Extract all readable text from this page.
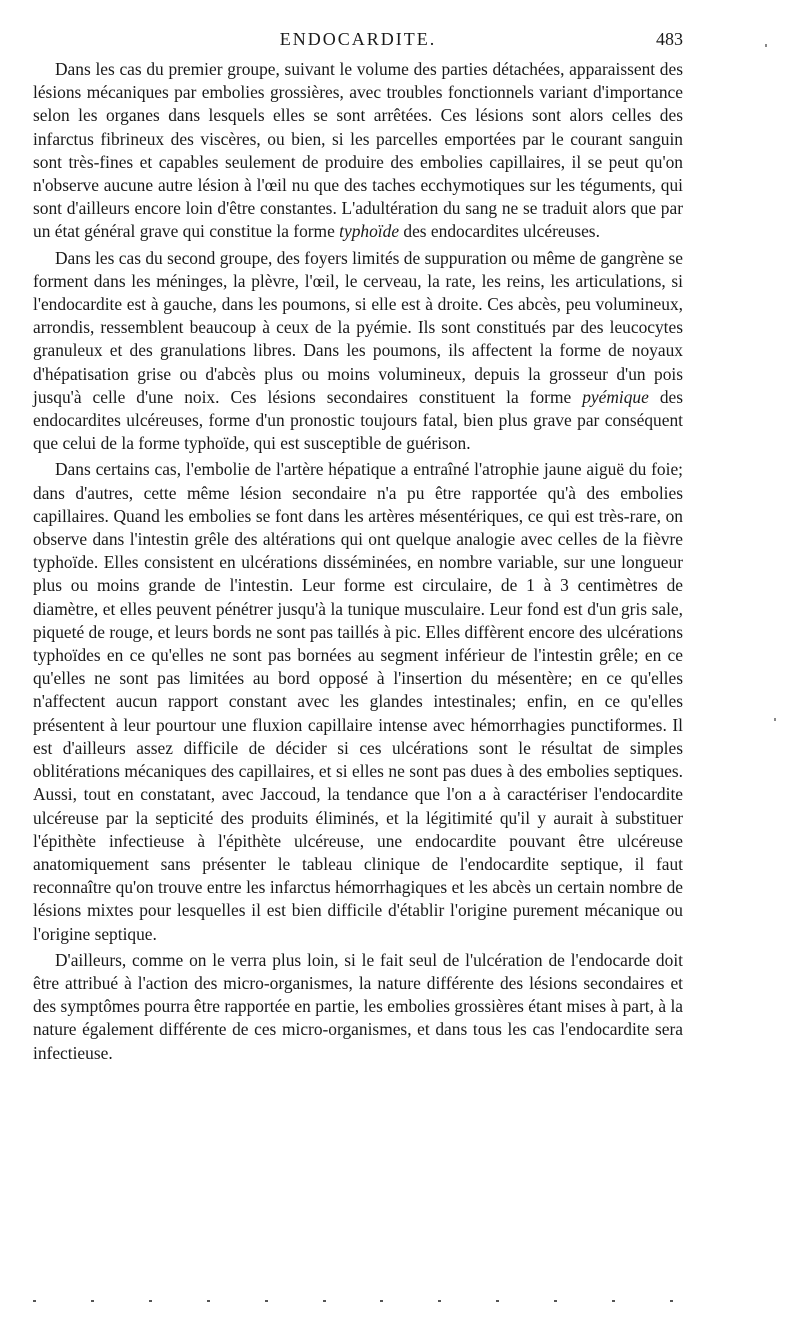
ENDOCARDITE.	483

Dans les cas du premier groupe, suivant le volume des parties détachées, apparaissent des lésions mécaniques par embolies grossières, avec troubles fonctionnels variant d'importance selon les organes dans lesquels elles se sont arrêtées. Ces lésions sont alors celles des infarctus fibrineux des viscères, ou bien, si les parcelles emportées par le courant sanguin sont très-fines et capables seulement de produire des embolies capillaires, il se peut qu'on n'observe aucune autre lésion à l'œil nu que des taches ecchymotiques sur les téguments, qui sont d'ailleurs encore loin d'être constantes. L'adultération du sang ne se traduit alors que par un état général grave qui constitue la forme typhoïde des endocardites ulcéreuses.

Dans les cas du second groupe, des foyers limités de suppuration ou même de gangrène se forment dans les méninges, la plèvre, l'œil, le cerveau, la rate, les reins, les articulations, si l'endocardite est à gauche, dans les poumons, si elle est à droite. Ces abcès, peu volumineux, arrondis, ressemblent beaucoup à ceux de la pyémie. Ils sont constitués par des leucocytes granuleux et des granulations libres. Dans les poumons, ils affectent la forme de noyaux d'hépatisation grise ou d'abcès plus ou moins volumineux, depuis la grosseur d'un pois jusqu'à celle d'une noix. Ces lésions secondaires constituent la forme pyémique des endocardites ulcéreuses, forme d'un pronostic toujours fatal, bien plus grave par conséquent que celui de la forme typhoïde, qui est susceptible de guérison.

Dans certains cas, l'embolie de l'artère hépatique a entraîné l'atrophie jaune aiguë du foie; dans d'autres, cette même lésion secondaire n'a pu être rapportée qu'à des embolies capillaires. Quand les embolies se font dans les artères mésentériques, ce qui est très-rare, on observe dans l'intestin grêle des altérations qui ont quelque analogie avec celles de la fièvre typhoïde. Elles consistent en ulcérations disséminées, en nombre variable, sur une longueur plus ou moins grande de l'intestin. Leur forme est circulaire, de 1 à 3 centimètres de diamètre, et elles peuvent pénétrer jusqu'à la tunique musculaire. Leur fond est d'un gris sale, piqueté de rouge, et leurs bords ne sont pas taillés à pic. Elles diffèrent encore des ulcérations typhoïdes en ce qu'elles ne sont pas bornées au segment inférieur de l'intestin grêle; en ce qu'elles ne sont pas limitées au bord opposé à l'insertion du mésentère; en ce qu'elles n'affectent aucun rapport constant avec les glandes intestinales; enfin, en ce qu'elles présentent à leur pourtour une fluxion capillaire intense avec hémorrhagies punctiformes. Il est d'ailleurs assez difficile de décider si ces ulcérations sont le résultat de simples oblitérations mécaniques des capillaires, et si elles ne sont pas dues à des embolies septiques. Aussi, tout en constatant, avec Jaccoud, la tendance que l'on a à caractériser l'endocardite ulcéreuse par la septicité des produits éliminés, et la légitimité qu'il y aurait à substituer l'épithète infectieuse à l'épithète ulcéreuse, une endocardite pouvant être ulcéreuse anatomiquement sans présenter le tableau clinique de l'endocardite septique, il faut reconnaître qu'on trouve entre les infarctus hémorrhagiques et les abcès un certain nombre de lésions mixtes pour lesquelles il est bien difficile d'établir l'origine purement mécanique ou l'origine septique.

D'ailleurs, comme on le verra plus loin, si le fait seul de l'ulcération de l'endocarde doit être attribué à l'action des micro-organismes, la nature différente des lésions secondaires et des symptômes pourra être rapportée en partie, les embolies grossières étant mises à part, à la nature également différente de ces micro-organismes, et dans tous les cas l'endocardite sera infectieuse.
